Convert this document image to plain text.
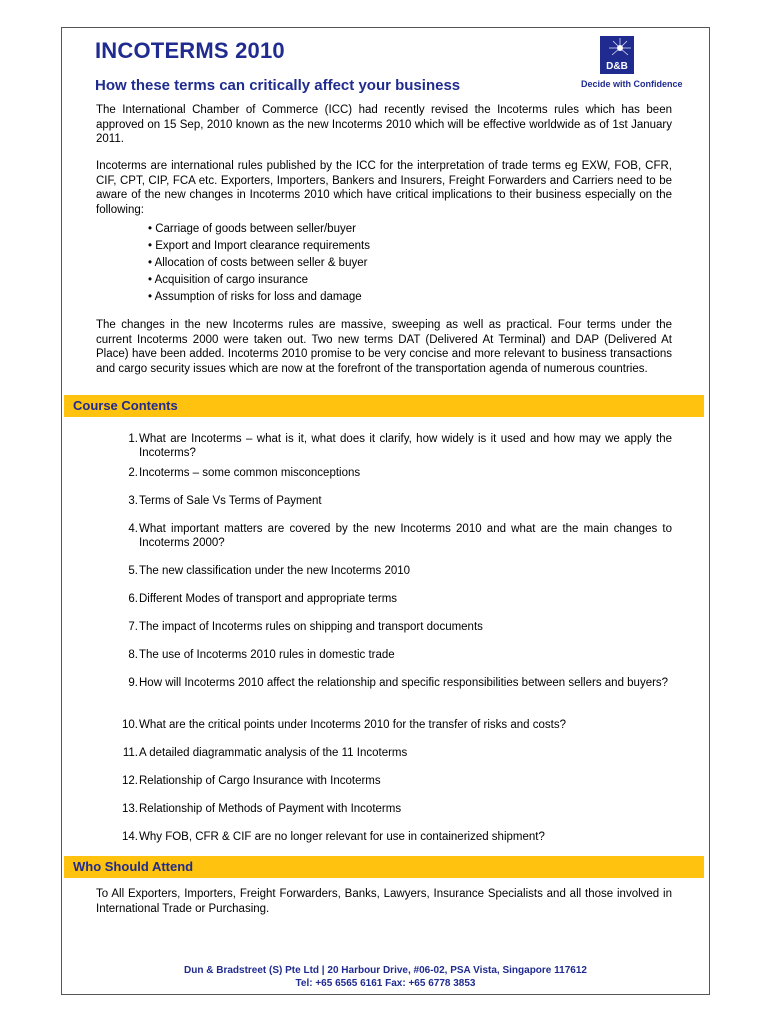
INCOTERMS 2010
How these terms can critically affect your business
D&B
Decide with Confidence

The International Chamber of Commerce (ICC) had recently revised the Incoterms rules which has been approved on 15 Sep, 2010 known as the new Incoterms 2010 which will be effective worldwide as of 1st January 2011.

Incoterms are international rules published by the ICC for the interpretation of trade terms eg EXW, FOB, CFR, CIF, CPT, CIP, FCA etc. Exporters, Importers, Bankers and Insurers, Freight Forwarders and Carriers need to be aware of the new changes in Incoterms 2010 which have critical implications to their business especially on the following:

• Carriage of goods between seller/buyer
• Export and Import clearance requirements
• Allocation of costs between seller & buyer
• Acquisition of cargo insurance
• Assumption of risks for loss and damage

The changes in the new Incoterms rules are massive, sweeping as well as practical. Four terms under the current Incoterms 2000 were taken out. Two new terms DAT (Delivered At Terminal) and DAP (Delivered At Place) have been added. Incoterms 2010 promise to be very concise and more relevant to business transactions and cargo security issues which are now at the forefront of the transportation agenda of numerous countries.

Course Contents
1. What are Incoterms – what is it, what does it clarify, how widely is it used and how may we apply the Incoterms?
2. Incoterms – some common misconceptions
3. Terms of Sale Vs Terms of Payment
4. What important matters are covered by the new Incoterms 2010 and what are the main changes to Incoterms 2000?
5. The new classification under the new Incoterms 2010
6. Different Modes of transport and appropriate terms
7. The impact of Incoterms rules on shipping and transport documents
8. The use of Incoterms 2010 rules in domestic trade
9. How will Incoterms 2010 affect the relationship and specific responsibilities between sellers and buyers?
10. What are the critical points under Incoterms 2010 for the transfer of risks and costs?
11. A detailed diagrammatic analysis of the 11 Incoterms
12. Relationship of Cargo Insurance with Incoterms
13. Relationship of Methods of Payment with Incoterms
14. Why FOB, CFR & CIF are no longer relevant for use in containerized shipment?
Who Should Attend

To All Exporters, Importers, Freight Forwarders, Banks, Lawyers, Insurance Specialists and all those involved in International Trade or Purchasing.

Dun & Bradstreet (S) Pte Ltd | 20 Harbour Drive, #06-02, PSA Vista, Singapore 117612
Tel: +65 6565 6161 Fax: +65 6778 3853
